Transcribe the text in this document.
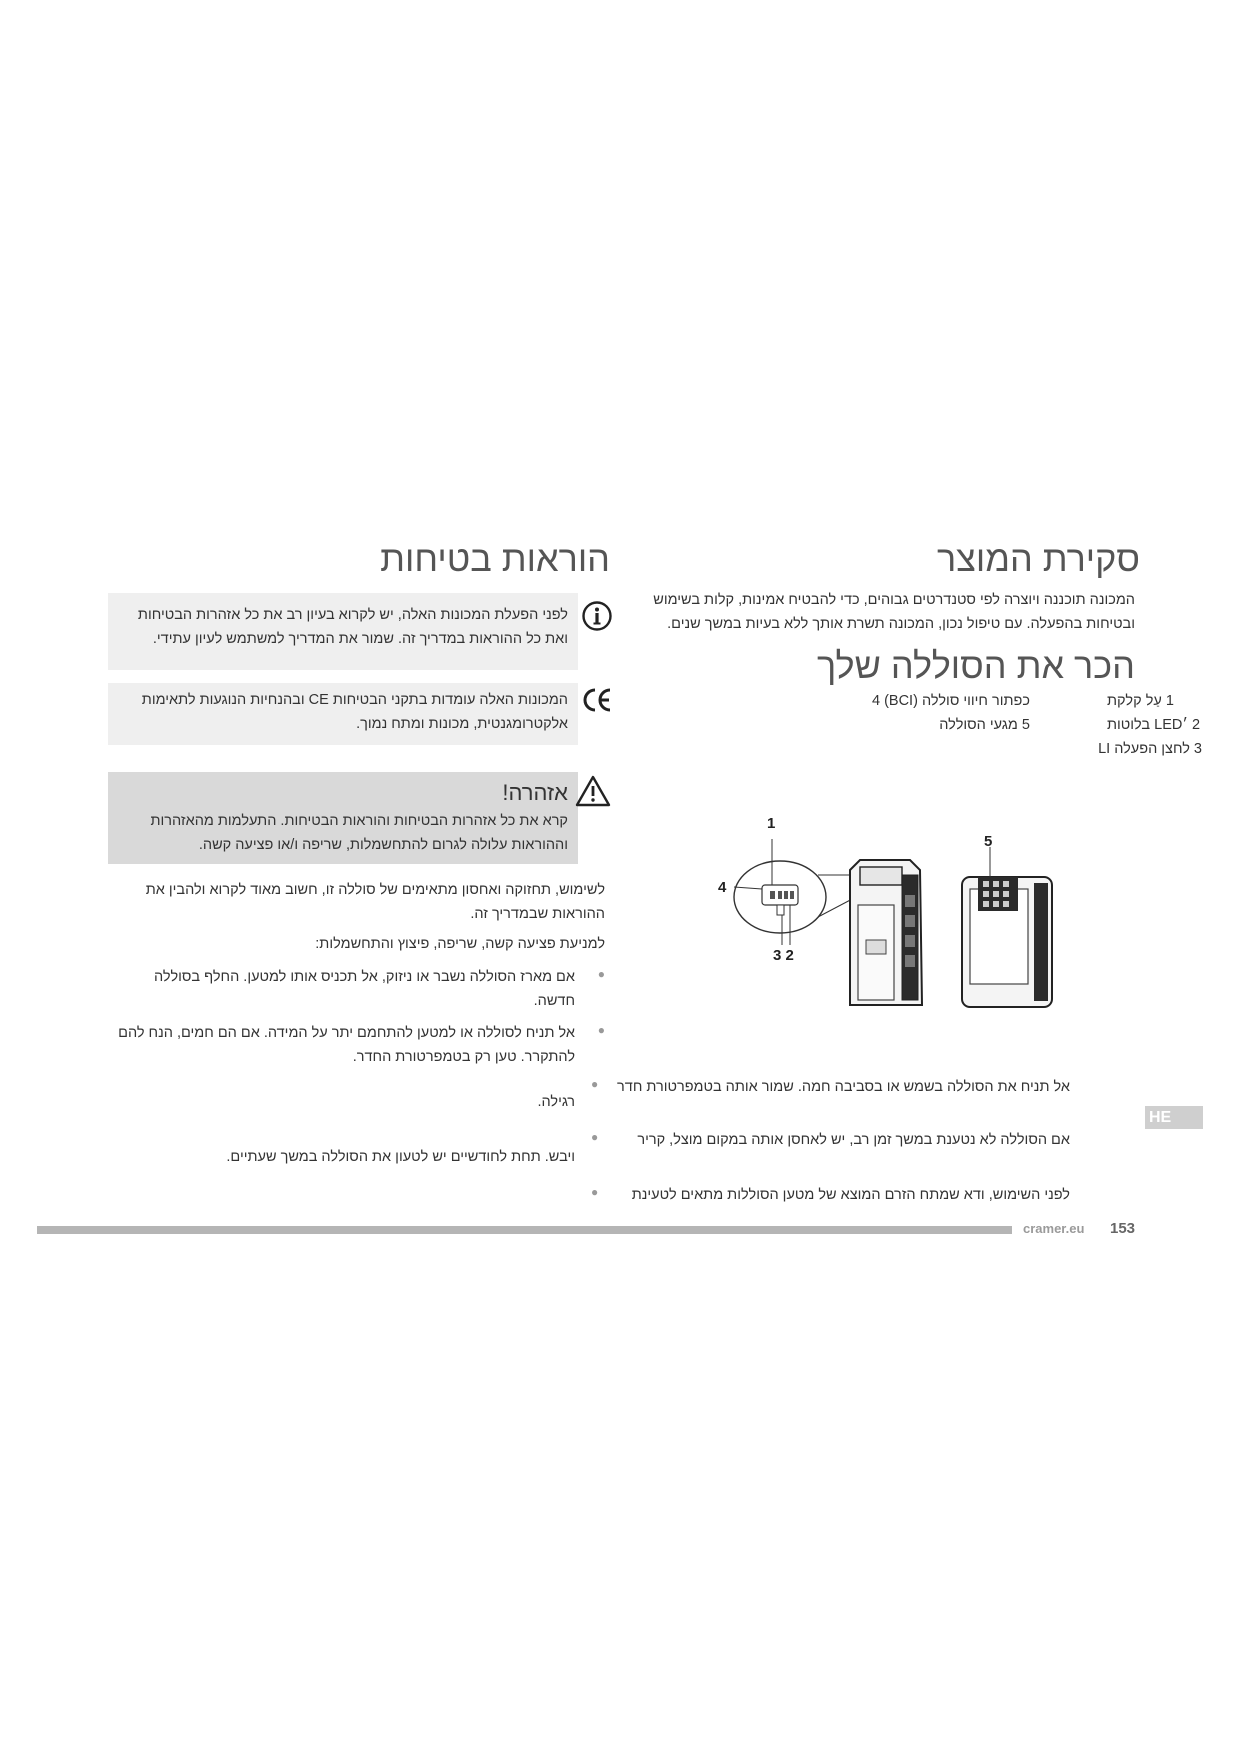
הוראות בטיחות
לפני הפעלת המכונות האלה, יש לקרוא בעיון רב את כל אזהרות הבטיחות
ואת כל ההוראות במדריך זה. שמור את המדריך למשתמש לעיון עתידי.
המכונות האלה עומדות בתקני הבטיחות CE ובהנחיות הנוגעות לתאימות
אלקטרומגנטית, מכונות ומתח נמוך.
אזהרה!
קרא את כל אזהרות הבטיחות והוראות הבטיחות. התעלמות מהאזהרות
וההוראות עלולה לגרום להתחשמלות, שריפה ו/או פציעה קשה.
לשימוש, תחזוקה ואחסון מתאימים של סוללה זו, חשוב מאוד לקרוא ולהבין את
ההוראות שבמדריך זה.
למניעת פציעה קשה, שריפה, פיצוץ והתחשמלות:
אם מארז הסוללה נשבר או ניזוק, אל תכניס אותו למטען. החלף בסוללה
חדשה.
●
אל תניח לסוללה או למטען להתחמם יתר על המידה. אם הם חמים, הנח להם
להתקרר. טען רק בטמפרטורת החדר.
●
רגילה.
ויבש. תחת לחודשיים יש לטעון את הסוללה במשך שעתיים.
סקירת המוצר
המכונה תוכננה ויוצרה לפי סטנדרטים גבוהים, כדי להבטיח אמינות, קלות בשימוש
ובטיחות בהפעלה. עם טיפול נכון, המכונה תשרת אותך ללא בעיות במשך שנים.
הכר את הסוללה שלך
4 (BCI) כפתור חיווי סוללה
5 מגעי הסוללה
1 עַל קלקת
2 ׳LED בלוטות
3 לחצן הפעלה LI
1
4
3 2
5
אל תניח את הסוללה בשמש או בסביבה חמה. שמור אותה בטמפרטורת חדר
●
אם הסוללה לא נטענת במשך זמן רב, יש לאחסן אותה במקום מוצל, קריר
●
לפני השימוש, ודא שמתח הזרם המוצא של מטען הסוללות מתאים לטעינת
●
HE
cramer.eu 153
